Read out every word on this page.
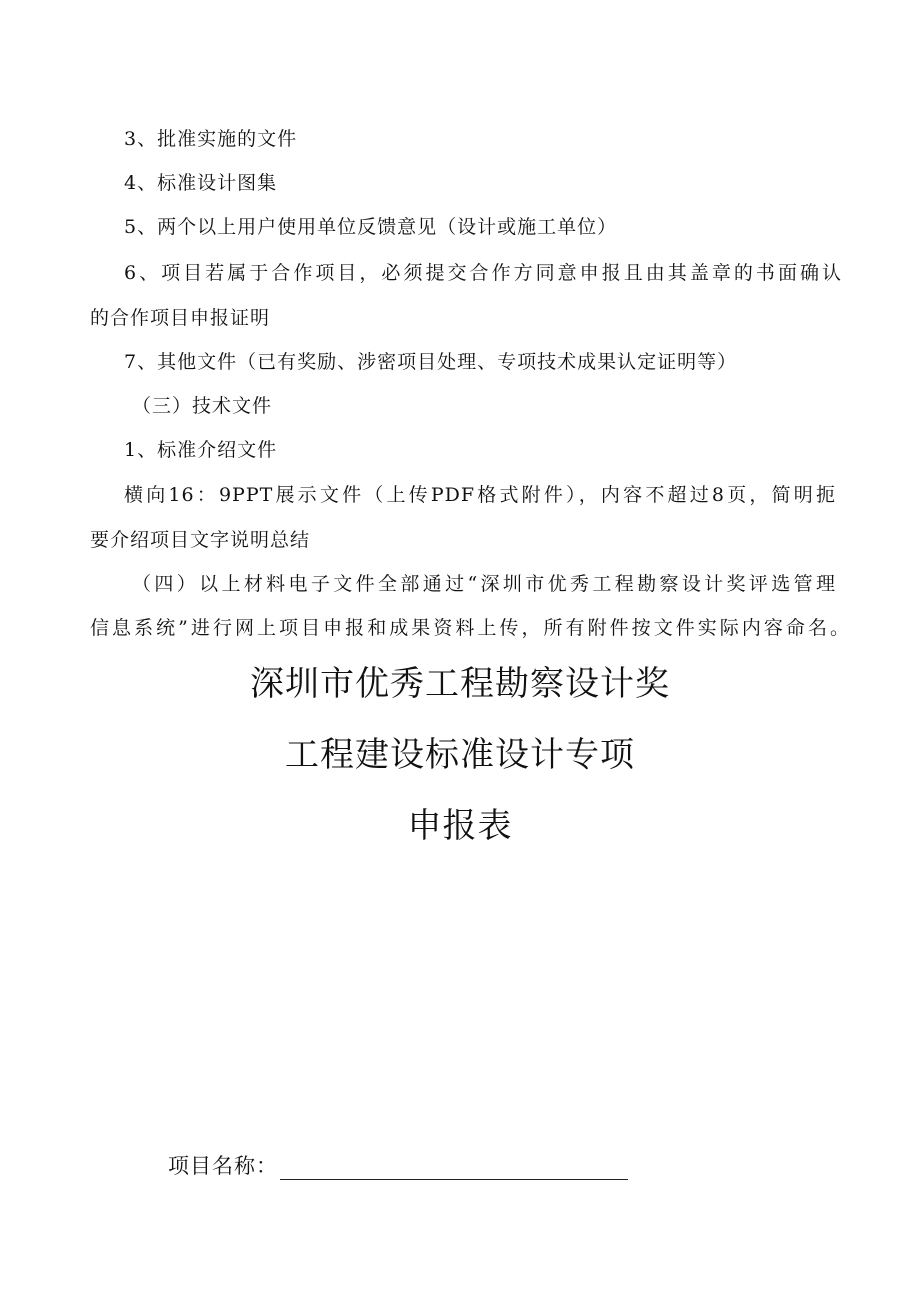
3、批准实施的文件
4、标准设计图集
5、两个以上用户使用单位反馈意见（设计或施工单位）
6、项目若属于合作项目，必须提交合作方同意申报且由其盖章的书面确认
的合作项目申报证明
7、其他文件（已有奖励、涉密项目处理、专项技术成果认定证明等）
（三）技术文件
1、标准介绍文件
横向16：9PPT展示文件（上传PDF格式附件），内容不超过8页，简明扼
要介绍项目文字说明总结
（四）以上材料电子文件全部通过“深圳市优秀工程勘察设计奖评选管理
信息系统”进行网上项目申报和成果资料上传，所有附件按文件实际内容命名。
深圳市优秀工程勘察设计奖
工程建设标准设计专项
申报表
项目名称：
